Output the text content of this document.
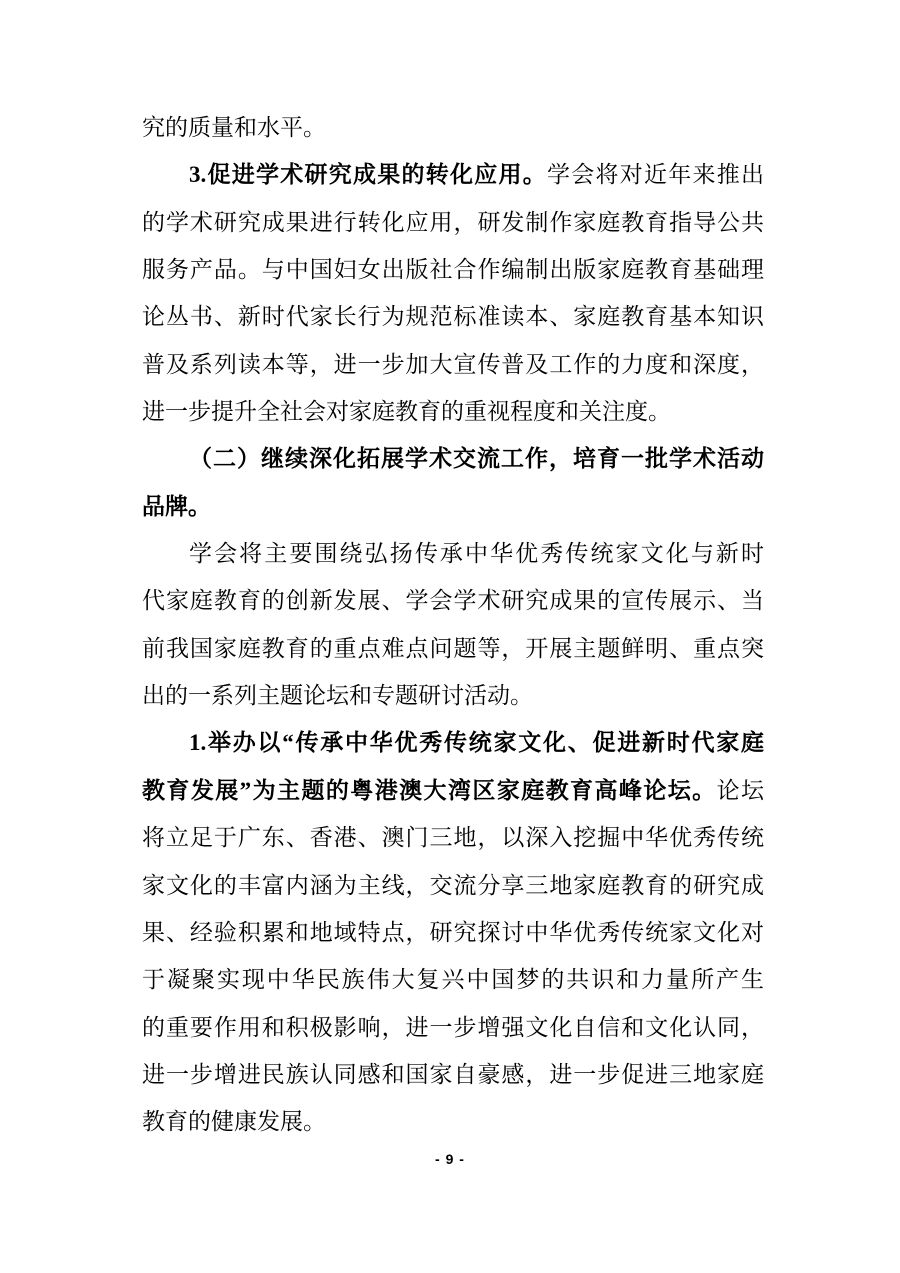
究的质量和水平。
3.促进学术研究成果的转化应用。学会将对近年来推出
的学术研究成果进行转化应用，研发制作家庭教育指导公共
服务产品。与中国妇女出版社合作编制出版家庭教育基础理
论丛书、新时代家长行为规范标准读本、家庭教育基本知识
普及系列读本等，进一步加大宣传普及工作的力度和深度，
进一步提升全社会对家庭教育的重视程度和关注度。
（二）继续深化拓展学术交流工作，培育一批学术活动
品牌。
学会将主要围绕弘扬传承中华优秀传统家文化与新时
代家庭教育的创新发展、学会学术研究成果的宣传展示、当
前我国家庭教育的重点难点问题等，开展主题鲜明、重点突
出的一系列主题论坛和专题研讨活动。
1.举办以“传承中华优秀传统家文化、促进新时代家庭
教育发展”为主题的粤港澳大湾区家庭教育高峰论坛。论坛
将立足于广东、香港、澳门三地，以深入挖掘中华优秀传统
家文化的丰富内涵为主线，交流分享三地家庭教育的研究成
果、经验积累和地域特点，研究探讨中华优秀传统家文化对
于凝聚实现中华民族伟大复兴中国梦的共识和力量所产生
的重要作用和积极影响，进一步增强文化自信和文化认同，
进一步增进民族认同感和国家自豪感，进一步促进三地家庭
教育的健康发展。
- 9 -
